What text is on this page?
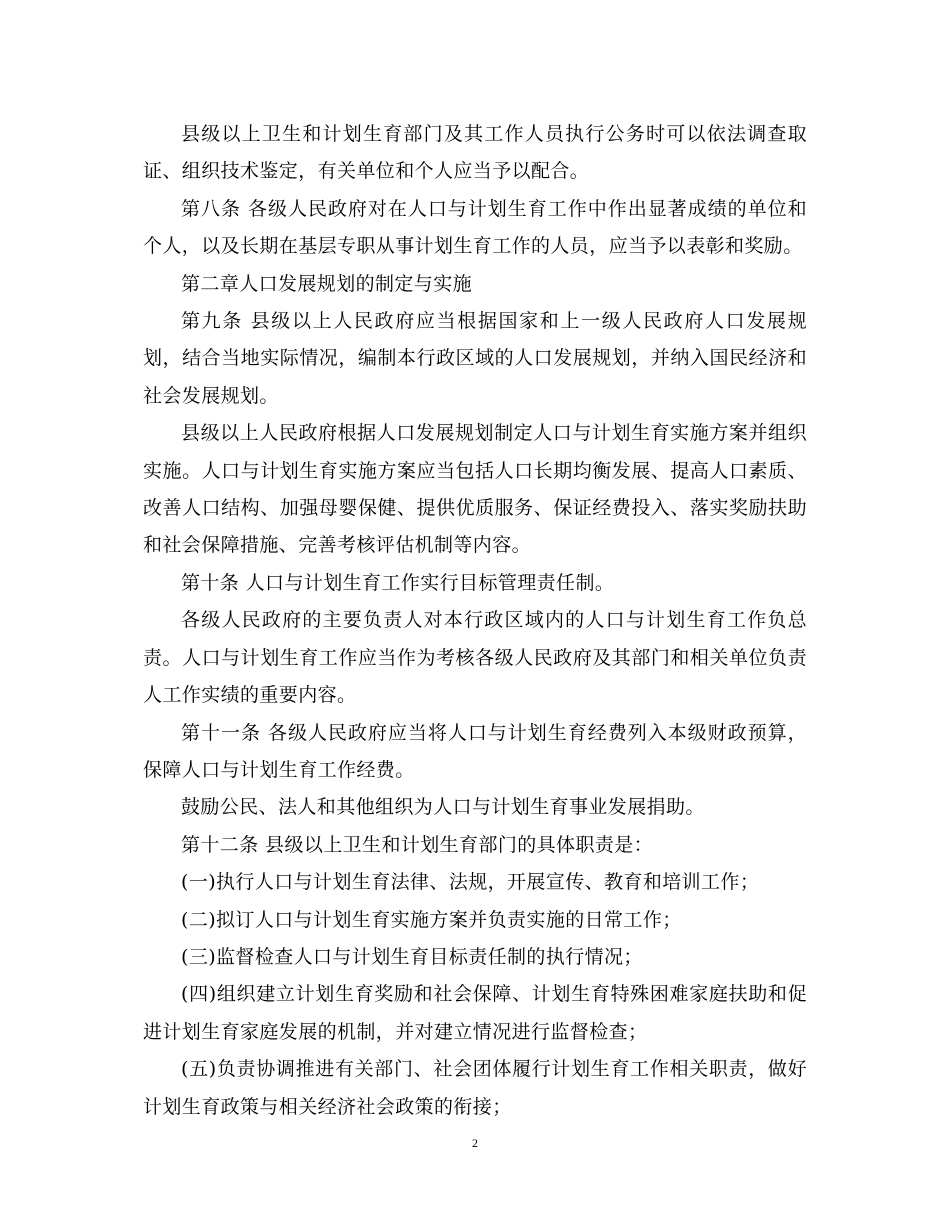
县级以上卫生和计划生育部门及其工作人员执行公务时可以依法调查取证、组织技术鉴定，有关单位和个人应当予以配合。

第八条 各级人民政府对在人口与计划生育工作中作出显著成绩的单位和个人，以及长期在基层专职从事计划生育工作的人员，应当予以表彰和奖励。

第二章人口发展规划的制定与实施

第九条 县级以上人民政府应当根据国家和上一级人民政府人口发展规划，结合当地实际情况，编制本行政区域的人口发展规划，并纳入国民经济和社会发展规划。

县级以上人民政府根据人口发展规划制定人口与计划生育实施方案并组织实施。人口与计划生育实施方案应当包括人口长期均衡发展、提高人口素质、改善人口结构、加强母婴保健、提供优质服务、保证经费投入、落实奖励扶助和社会保障措施、完善考核评估机制等内容。

第十条 人口与计划生育工作实行目标管理责任制。

各级人民政府的主要负责人对本行政区域内的人口与计划生育工作负总责。人口与计划生育工作应当作为考核各级人民政府及其部门和相关单位负责人工作实绩的重要内容。

第十一条 各级人民政府应当将人口与计划生育经费列入本级财政预算，保障人口与计划生育工作经费。

鼓励公民、法人和其他组织为人口与计划生育事业发展捐助。

第十二条 县级以上卫生和计划生育部门的具体职责是：

(一)执行人口与计划生育法律、法规，开展宣传、教育和培训工作；

(二)拟订人口与计划生育实施方案并负责实施的日常工作；

(三)监督检查人口与计划生育目标责任制的执行情况；

(四)组织建立计划生育奖励和社会保障、计划生育特殊困难家庭扶助和促进计划生育家庭发展的机制，并对建立情况进行监督检查；

(五)负责协调推进有关部门、社会团体履行计划生育工作相关职责，做好计划生育政策与相关经济社会政策的衔接；

2
